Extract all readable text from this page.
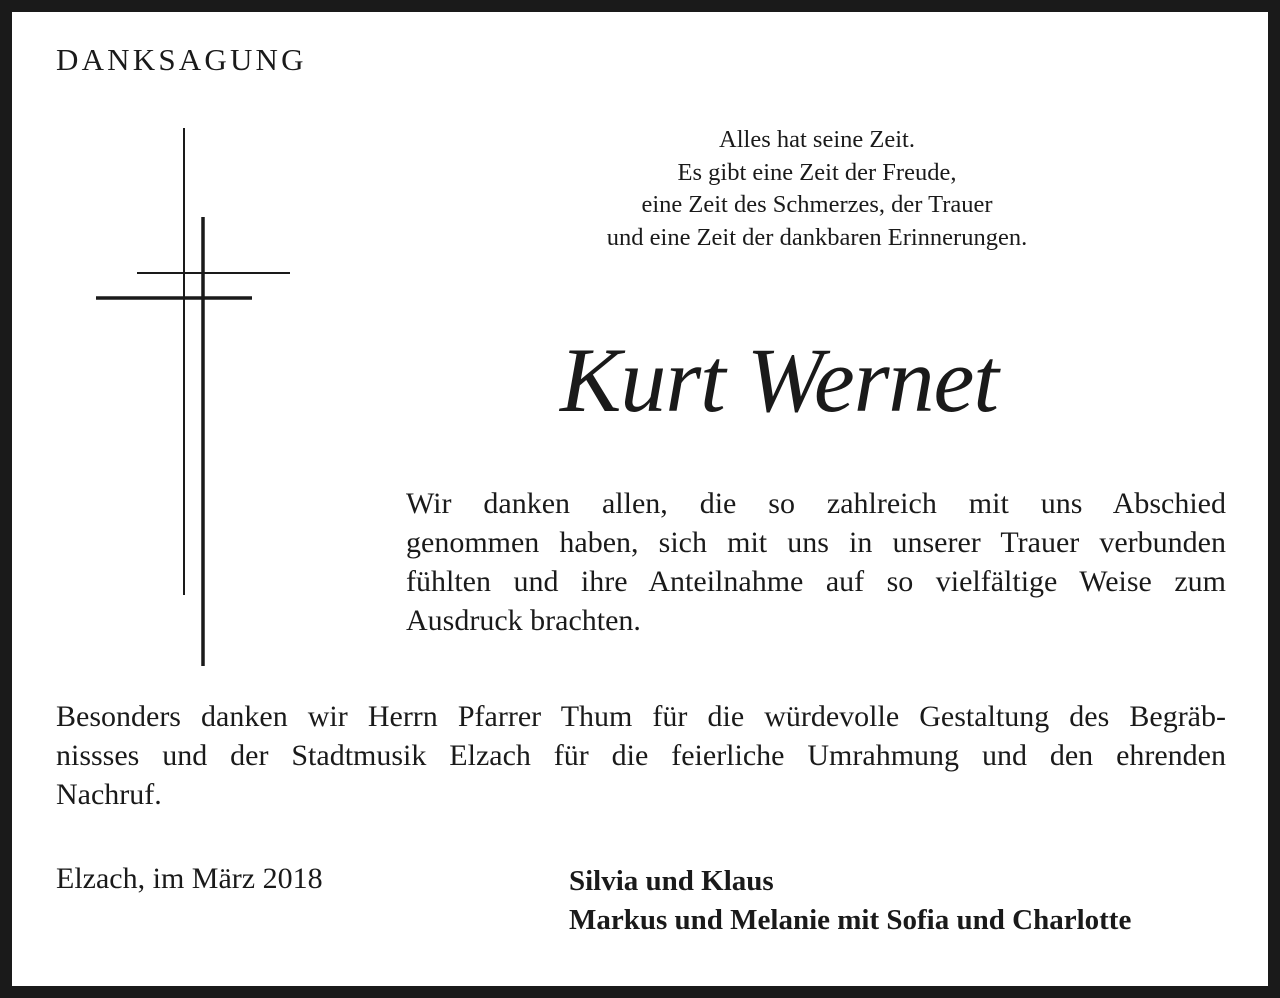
DANKSAGUNG
Alles hat seine Zeit.
Es gibt eine Zeit der Freude,
eine Zeit des Schmerzes, der Trauer
und eine Zeit der dankbaren Erinnerungen.
Kurt Wernet
Wir danken allen, die so zahlreich mit uns Abschied
genommen haben, sich mit uns in unserer Trauer verbunden
fühlten und ihre Anteilnahme auf so vielfältige Weise zum
Ausdruck brachten.
Besonders danken wir Herrn Pfarrer Thum für die würdevolle Gestaltung des Begräb-
nissses und der Stadtmusik Elzach für die feierliche Umrahmung und den ehrenden
Nachruf.
Elzach, im März 2018	Silvia und Klaus
Markus und Melanie mit Sofia und Charlotte
